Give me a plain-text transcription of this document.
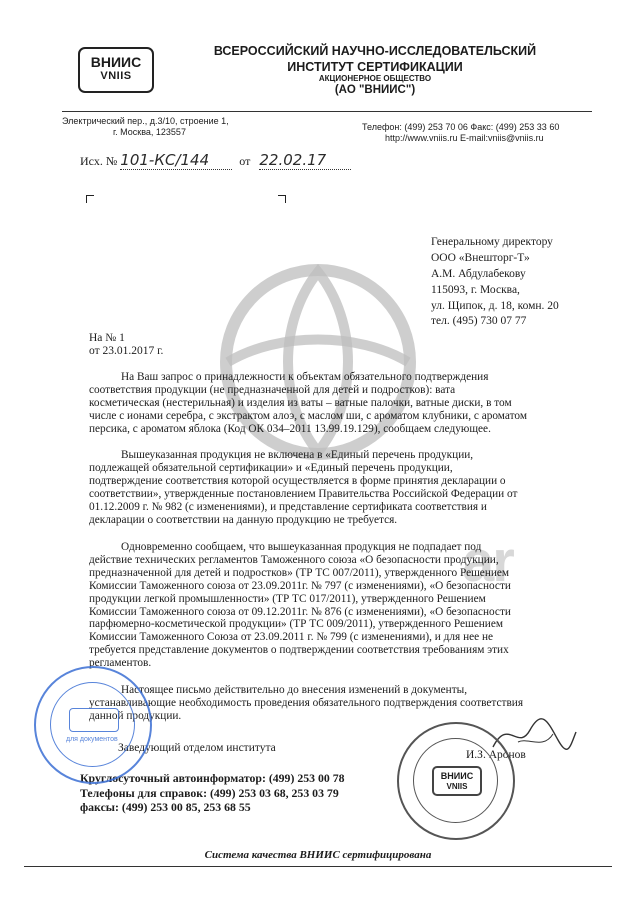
ar
ВНИИС
VNIIS
ВСЕРОССИЙСКИЙ НАУЧНО-ИССЛЕДОВАТЕЛЬСКИЙ
ИНСТИТУТ СЕРТИФИКАЦИИ
АКЦИОНЕРНОЕ ОБЩЕСТВО
(АО "ВНИИС")
Электрический пер., д.3/10, строение 1,
г. Москва, 123557	Телефон: (499) 253 70 06 Факс: (499) 253 33 60
http://www.vniis.ru E-mail:vniis@vniis.ru
Исх. № 101-КС/144	от 22.02.17
Генеральному директору
ООО «Внешторг-Т»
А.М. Абдулабекову
115093, г. Москва,
ул. Щипок, д. 18, комн. 20
тел. (495) 730 07 77
На № 1
от 23.01.2017 г.
На Ваш запрос о принадлежности к объектам обязательного подтверждения
соответствия продукции (не предназначенной для детей и подростков): вата
косметическая (нестерильная) и изделия из ваты – ватные палочки, ватные диски, в том
числе с ионами серебра, с экстрактом алоэ, с маслом ши, с ароматом клубники, с ароматом
персика, с ароматом яблока (Код ОК 034–2011 13.99.19.129), сообщаем следующее.
Вышеуказанная продукция не включена в «Единый перечень продукции,
подлежащей обязательной сертификации» и «Единый перечень продукции,
подтверждение соответствия которой осуществляется в форме принятия декларации о
соответствии», утвержденные постановлением Правительства Российской Федерации от
01.12.2009 г. № 982 (с изменениями), и представление сертификата соответствия и
декларации о соответствии на данную продукцию не требуется.
Одновременно сообщаем, что вышеуказанная продукция не подпадает под
действие технических регламентов Таможенного союза «О безопасности продукции,
предназначенной для детей и подростков» (ТР ТС 007/2011), утвержденного Решением
Комиссии Таможенного союза от 23.09.2011г. № 797 (с изменениями), «О безопасности
продукции легкой промышленности» (ТР ТС 017/2011), утвержденного Решением
Комиссии Таможенного союза от 09.12.2011г. № 876 (с изменениями), «О безопасности
парфюмерно-косметической продукции» (ТР ТС 009/2011), утвержденного Решением
Комиссии Таможенного Союза от 23.09.2011 г. № 799 (с изменениями), и для нее не
требуется представление документов о подтверждении соответствия требованиям этих
регламентов.
Настоящее письмо действительно до внесения изменений в документы,
устанавливающие необходимость проведения обязательного подтверждения соответствия
данной продукции.
Заведующий отделом института
И.З. Аронов
Круглосуточный автоинформатор: (499) 253 00 78
Телефоны для справок: (499) 253 03 68, 253 03 79
факсы: (499) 253 00 85, 253 68 55
для документов
ВНИИС
VNIIS
Система качества ВНИИС сертифицирована
